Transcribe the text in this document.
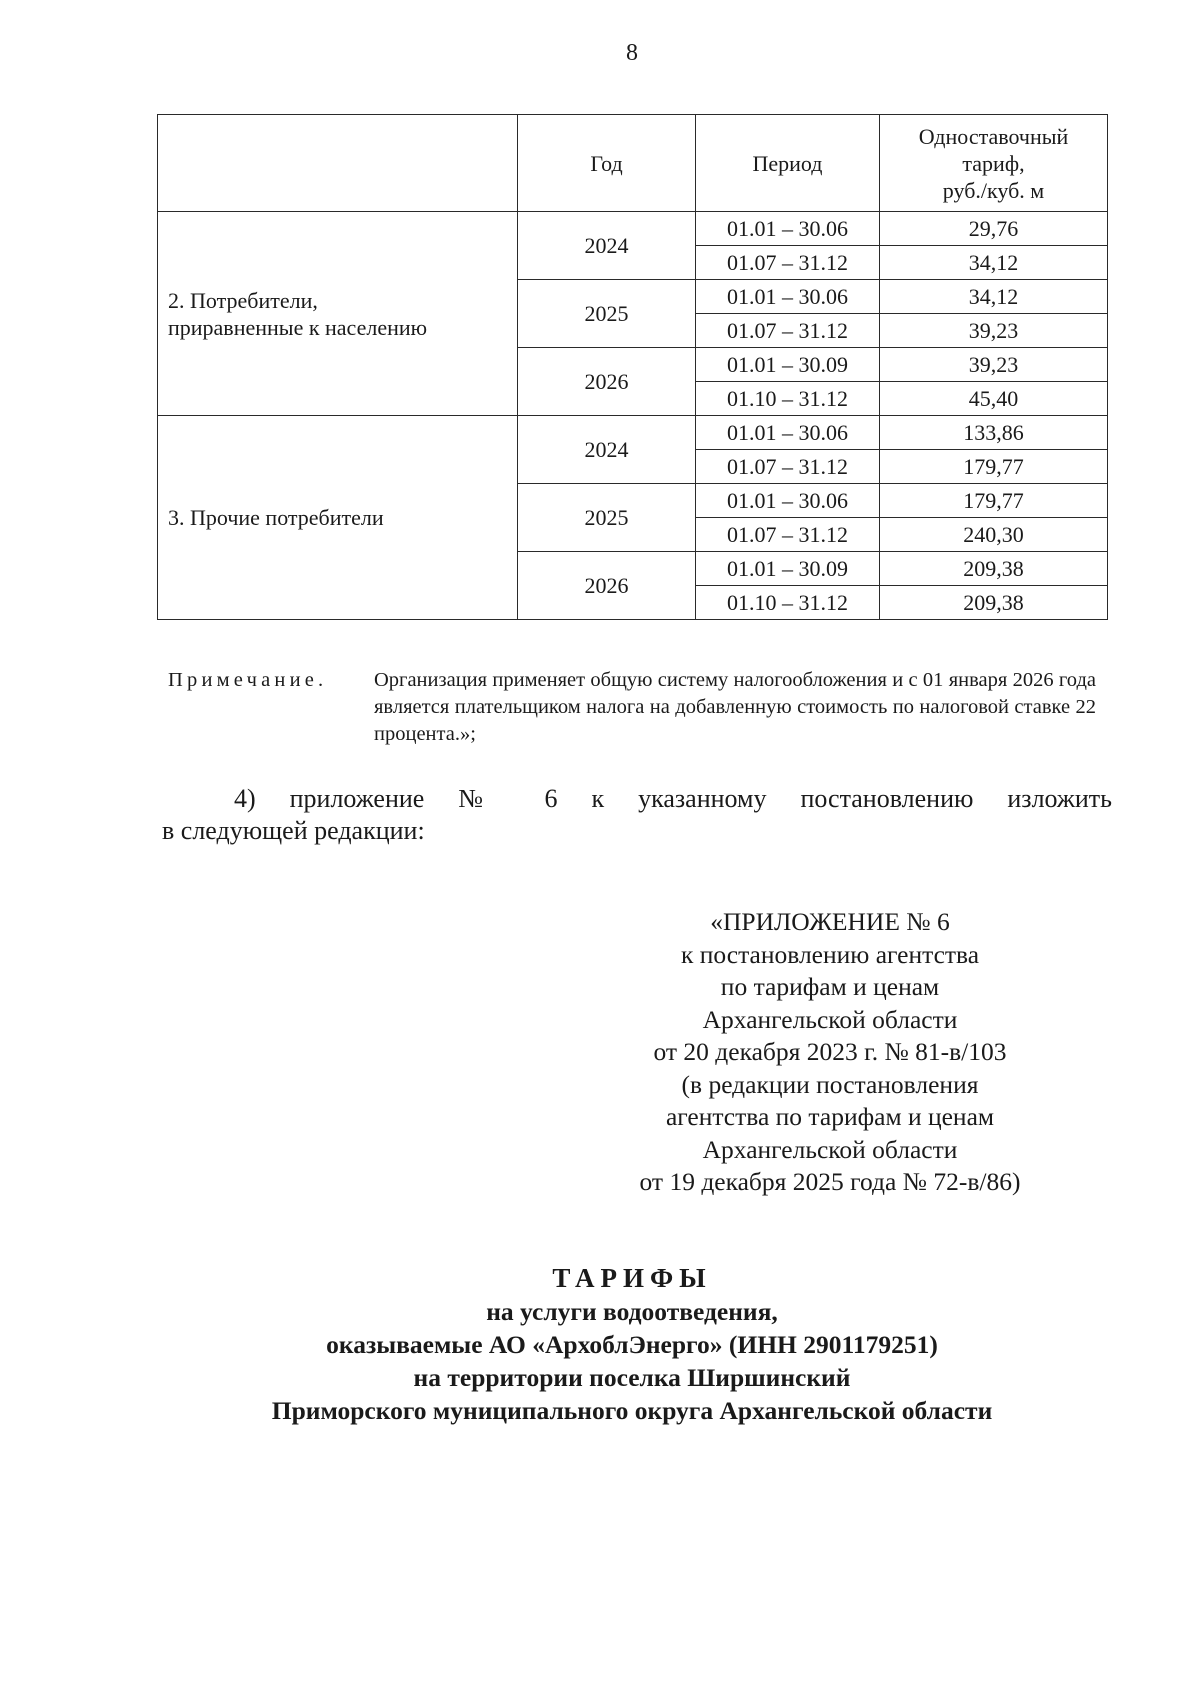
8
	Год	Период	Одноставочный
тариф,
руб./куб. м

2. Потребители,
приравненные к населению	2024	01.01 – 30.06	29,76
		01.07 – 31.12	34,12
	2025	01.01 – 30.06	34,12
		01.07 – 31.12	39,23
	2026	01.01 – 30.09	39,23
		01.10 – 31.12	45,40

3. Прочие потребители	2024	01.01 – 30.06	133,86
		01.07 – 31.12	179,77
	2025	01.01 – 30.06	179,77
		01.07 – 31.12	240,30
	2026	01.01 – 30.09	209,38
		01.10 – 31.12	209,38
Примечание. Организация применяет общую систему налогообложения и с 01 января 2026 года является плательщиком налога на добавленную стоимость по налоговой ставке 22 процента.»;
4) приложение № 6 к указанному постановлению изложить
в следующей редакции:
«ПРИЛОЖЕНИЕ № 6
к постановлению агентства
по тарифам и ценам
Архангельской области
от 20 декабря 2023 г. № 81-в/103
(в редакции постановления
агентства по тарифам и ценам
Архангельской области
от 19 декабря 2025 года № 72-в/86)
ТАРИФЫ
на услуги водоотведения,
оказываемые АО «АрхоблЭнерго» (ИНН 2901179251)
на территории поселка Ширшинский
Приморского муниципального округа Архангельской области
